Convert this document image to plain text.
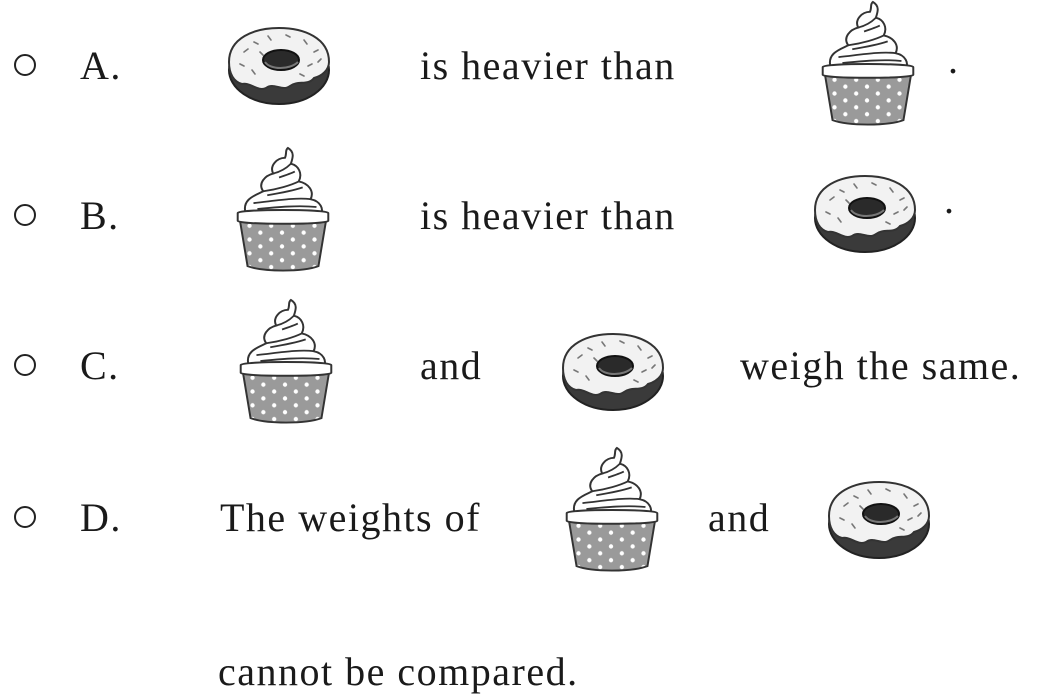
A.	is heavier than	.
B.	is heavier than	.
C.	and	weigh the same.
D. The weights of	and
cannot be compared.
